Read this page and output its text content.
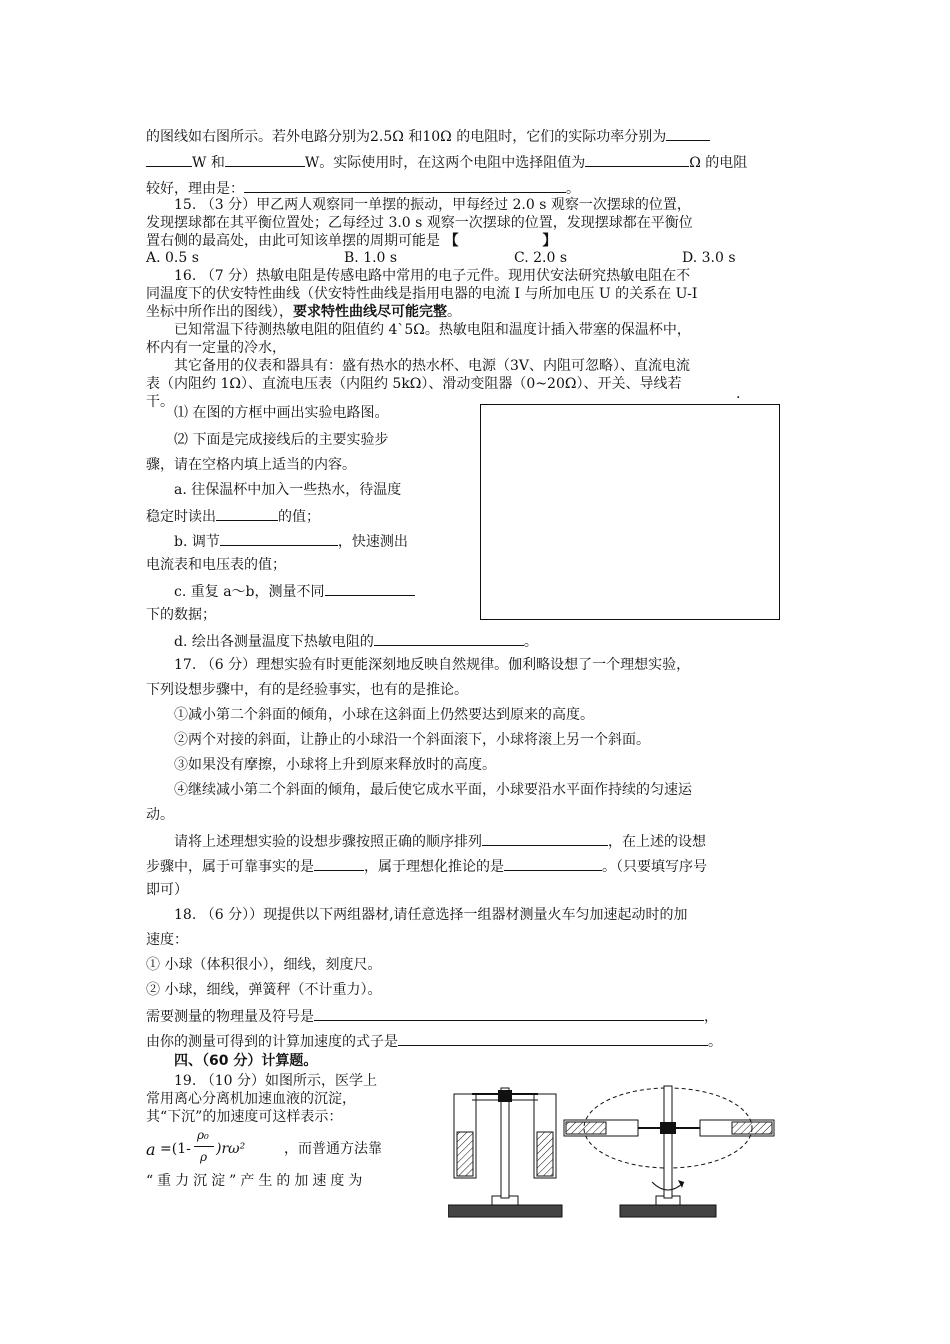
的图线如右图所示。若外电路分别为2.5Ω 和10Ω 的电阻时，它们的实际功率分别为
W 和	W。实际使用时，在这两个电阻中选择阻值为	Ω 的电阻
较好，理由是：	。
15. （3 分）甲乙两人观察同一单摆的振动，甲每经过 2.0 s 观察一次摆球的位置，
发现摆球都在其平衡位置处；乙每经过 3.0 s 观察一次摆球的位置，发现摆球都在平衡位
置右侧的最高处，由此可知该单摆的周期可能是 【	】
A. 0.5 s	B. 1.0 s	C. 2.0 s	D. 3.0 s
16. （7 分）热敏电阻是传感电路中常用的电子元件。现用伏安法研究热敏电阻在不
同温度下的伏安特性曲线（伏安特性曲线是指用电器的电流 I 与所加电压 U 的关系在 U-I
坐标中所作出的图线），要求特性曲线尽可能完整。
已知常温下待测热敏电阻的阻值约 4`5Ω。热敏电阻和温度计插入带塞的保温杯中，
杯内有一定量的冷水，
其它备用的仪表和器具有：盛有热水的热水杯、电源（3V、内阻可忽略）、直流电流
表（内阻约 1Ω）、直流电压表（内阻约 5kΩ）、滑动变阻器（0~20Ω）、开关、导线若
干。	.
⑴ 在图的方框中画出实验电路图。
⑵ 下面是完成接线后的主要实验步
骤，请在空格内填上适当的内容。
a. 往保温杯中加入一些热水，待温度
稳定时读出	的值；
b. 调节	，快速测出
电流表和电压表的值；
c. 重复 a～b，测量不同
下的数据；
d. 绘出各测量温度下热敏电阻的	。
17. （6 分）理想实验有时更能深刻地反映自然规律。伽利略设想了一个理想实验，
下列设想步骤中，有的是经验事实，也有的是推论。
①减小第二个斜面的倾角，小球在这斜面上仍然要达到原来的高度。
②两个对接的斜面，让静止的小球沿一个斜面滚下，小球将滚上另一个斜面。
③如果没有摩擦，小球将上升到原来释放时的高度。
④继续减小第二个斜面的倾角，最后使它成水平面，小球要沿水平面作持续的匀速运
动。
请将上述理想实验的设想步骤按照正确的顺序排列	，在上述的设想
步骤中，属于可靠事实的是	，属于理想化推论的是	。（只要填写序号
即可）
18. （6 分））现提供以下两组器材,请任意选择一组器材测量火车匀加速起动时的加
速度：
① 小球（体积很小），细线，刻度尺。
② 小球，细线，弹簧秤（不计重力）。
需要测量的物理量及符号是	，
由你的测量可得到的计算加速度的式子是	。
四、（60 分）计算题。
19. （10 分）如图所示，医学上
常用离心分离机加速血液的沉淀，
其“下沉”的加速度可这样表示：
a =(1-
ρ₀
ρ )rω²	，而普通方法靠
“重力沉淀”产生的加速度为
